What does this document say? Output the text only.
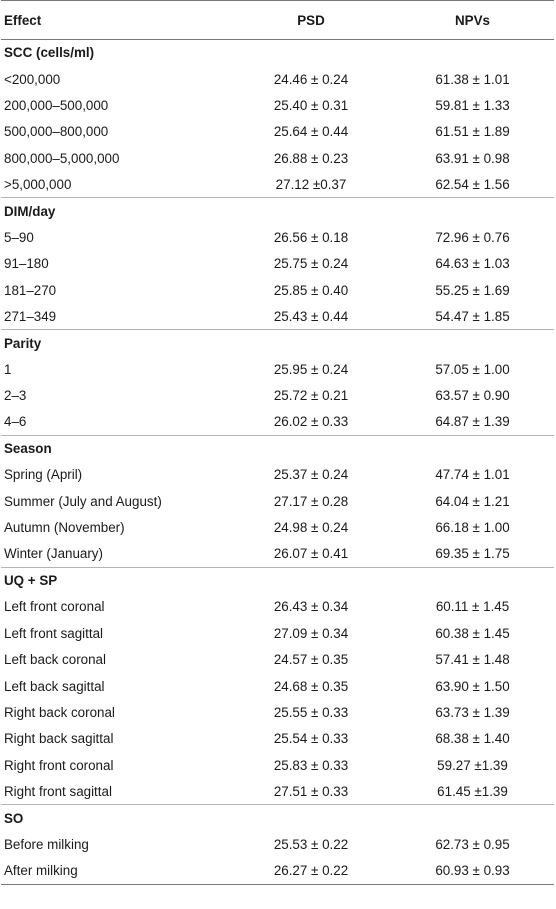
Effect	PSD	NPVs
SCC (cells/ml)		
<200,000	24.46 ± 0.24	61.38 ± 1.01
200,000–500,000	25.40 ± 0.31	59.81 ± 1.33
500,000–800,000	25.64 ± 0.44	61.51 ± 1.89
800,000–5,000,000	26.88 ± 0.23	63.91 ± 0.98
>5,000,000	27.12 ±0.37	62.54 ± 1.56
DIM/day		
5–90	26.56 ± 0.18	72.96 ± 0.76
91–180	25.75 ± 0.24	64.63 ± 1.03
181–270	25.85 ± 0.40	55.25 ± 1.69
271–349	25.43 ± 0.44	54.47 ± 1.85
Parity		
1	25.95 ± 0.24	57.05 ± 1.00
2–3	25.72 ± 0.21	63.57 ± 0.90
4–6	26.02 ± 0.33	64.87 ± 1.39
Season		
Spring (April)	25.37 ± 0.24	47.74 ± 1.01
Summer (July and August)	27.17 ± 0.28	64.04 ± 1.21
Autumn (November)	24.98 ± 0.24	66.18 ± 1.00
Winter (January)	26.07 ± 0.41	69.35 ± 1.75
UQ + SP		
Left front coronal	26.43 ± 0.34	60.11 ± 1.45
Left front sagittal	27.09 ± 0.34	60.38 ± 1.45
Left back coronal	24.57 ± 0.35	57.41 ± 1.48
Left back sagittal	24.68 ± 0.35	63.90 ± 1.50
Right back coronal	25.55 ± 0.33	63.73 ± 1.39
Right back sagittal	25.54 ± 0.33	68.38 ± 1.40
Right front coronal	25.83 ± 0.33	59.27 ±1.39
Right front sagittal	27.51 ± 0.33	61.45 ±1.39
SO		
Before milking	25.53 ± 0.22	62.73 ± 0.95
After milking	26.27 ± 0.22	60.93 ± 0.93
